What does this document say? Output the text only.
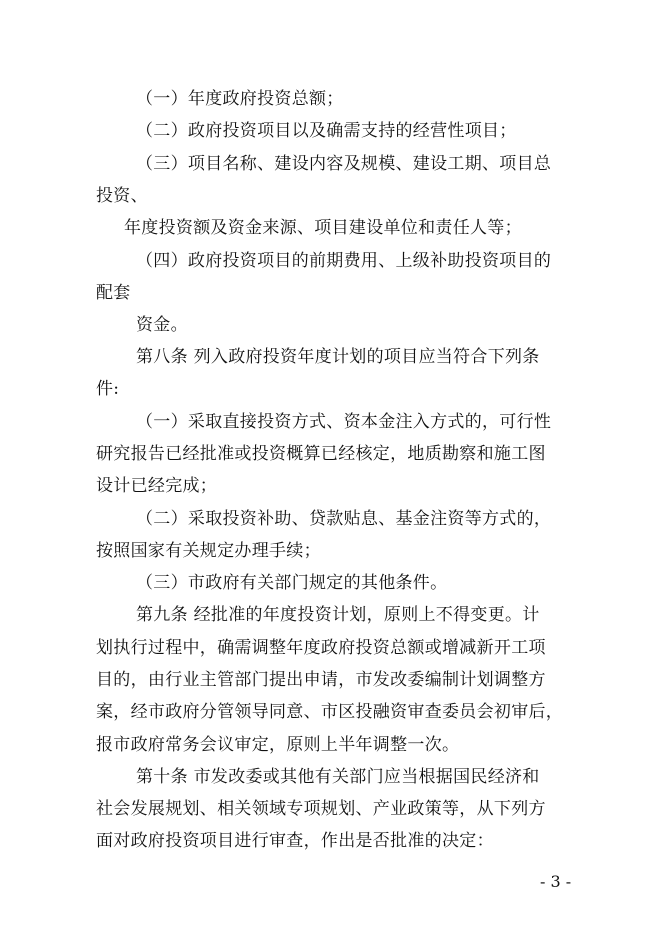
（一）年度政府投资总额；
（二）政府投资项目以及确需支持的经营性项目；
（三）项目名称、建设内容及规模、建设工期、项目总
投资、
年度投资额及资金来源、项目建设单位和责任人等；
（四）政府投资项目的前期费用、上级补助投资项目的
配套
资金。
第八条 列入政府投资年度计划的项目应当符合下列条
件:
（一）采取直接投资方式、资本金注入方式的，可行性
研究报告已经批准或投资概算已经核定，地质勘察和施工图
设计已经完成；
（二）采取投资补助、贷款贴息、基金注资等方式的，
按照国家有关规定办理手续；
（三）市政府有关部门规定的其他条件。
第九条 经批准的年度投资计划，原则上不得变更。计
划执行过程中，确需调整年度政府投资总额或增减新开工项
目的，由行业主管部门提出申请，市发改委编制计划调整方
案，经市政府分管领导同意、市区投融资审查委员会初审后，
报市政府常务会议审定，原则上半年调整一次。
第十条 市发改委或其他有关部门应当根据国民经济和
社会发展规划、相关领域专项规划、产业政策等，从下列方
面对政府投资项目进行审查，作出是否批准的决定：
- 3 -
